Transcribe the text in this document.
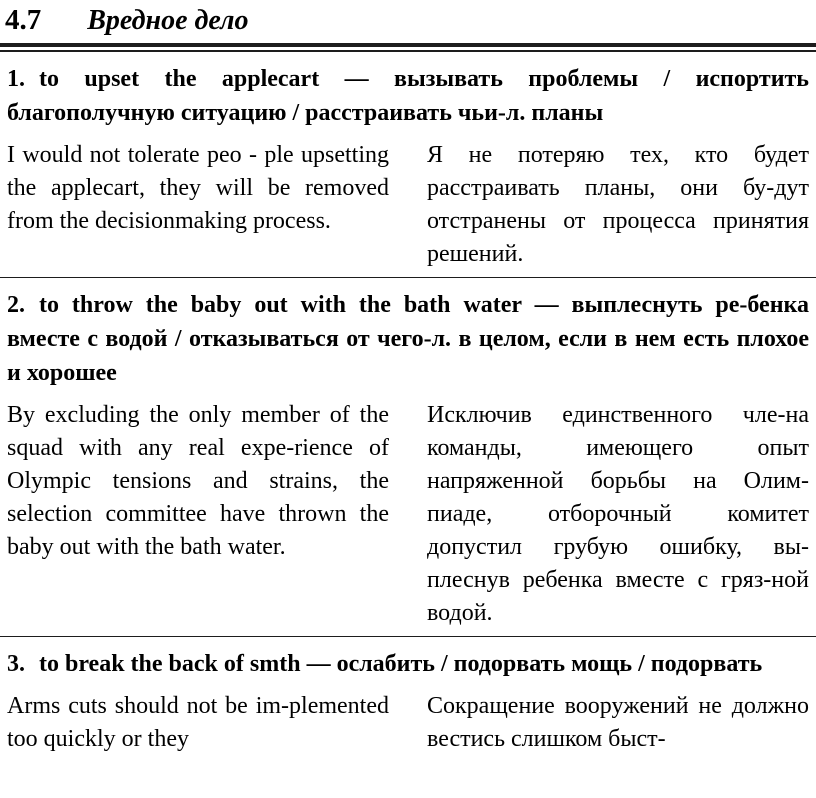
4.7 Вредное дело
1. to upset the applecart — вызывать проблемы / испортить благополучную ситуацию / расстраивать чьи-л. планы

I would not tolerate peo - ple upsetting the applecart, they will be removed from the decisionmaking process.

Я не потеряю тех, кто будет расстраивать планы, они бу-дут отстранены от процесса принятия решений.

2. to throw the baby out with the bath water — выплеснуть ре-бенка вместе с водой / отказываться от чего-л. в целом, если в нем есть плохое и хорошее

By excluding the only member of the squad with any real expe-rience of Olympic tensions and strains, the selection committee have thrown the baby out with the bath water.

Исключив единственного чле-на команды, имеющего опыт напряженной борьбы на Олим-пиаде, отборочный комитет допустил грубую ошибку, вы-плеснув ребенка вместе с гряз-ной водой.

3. to break the back of smth — ослабить / подорвать мощь / подорвать

Arms cuts should not be im-plemented too quickly or they

Сокращение вооружений не должно вестись слишком быст-
